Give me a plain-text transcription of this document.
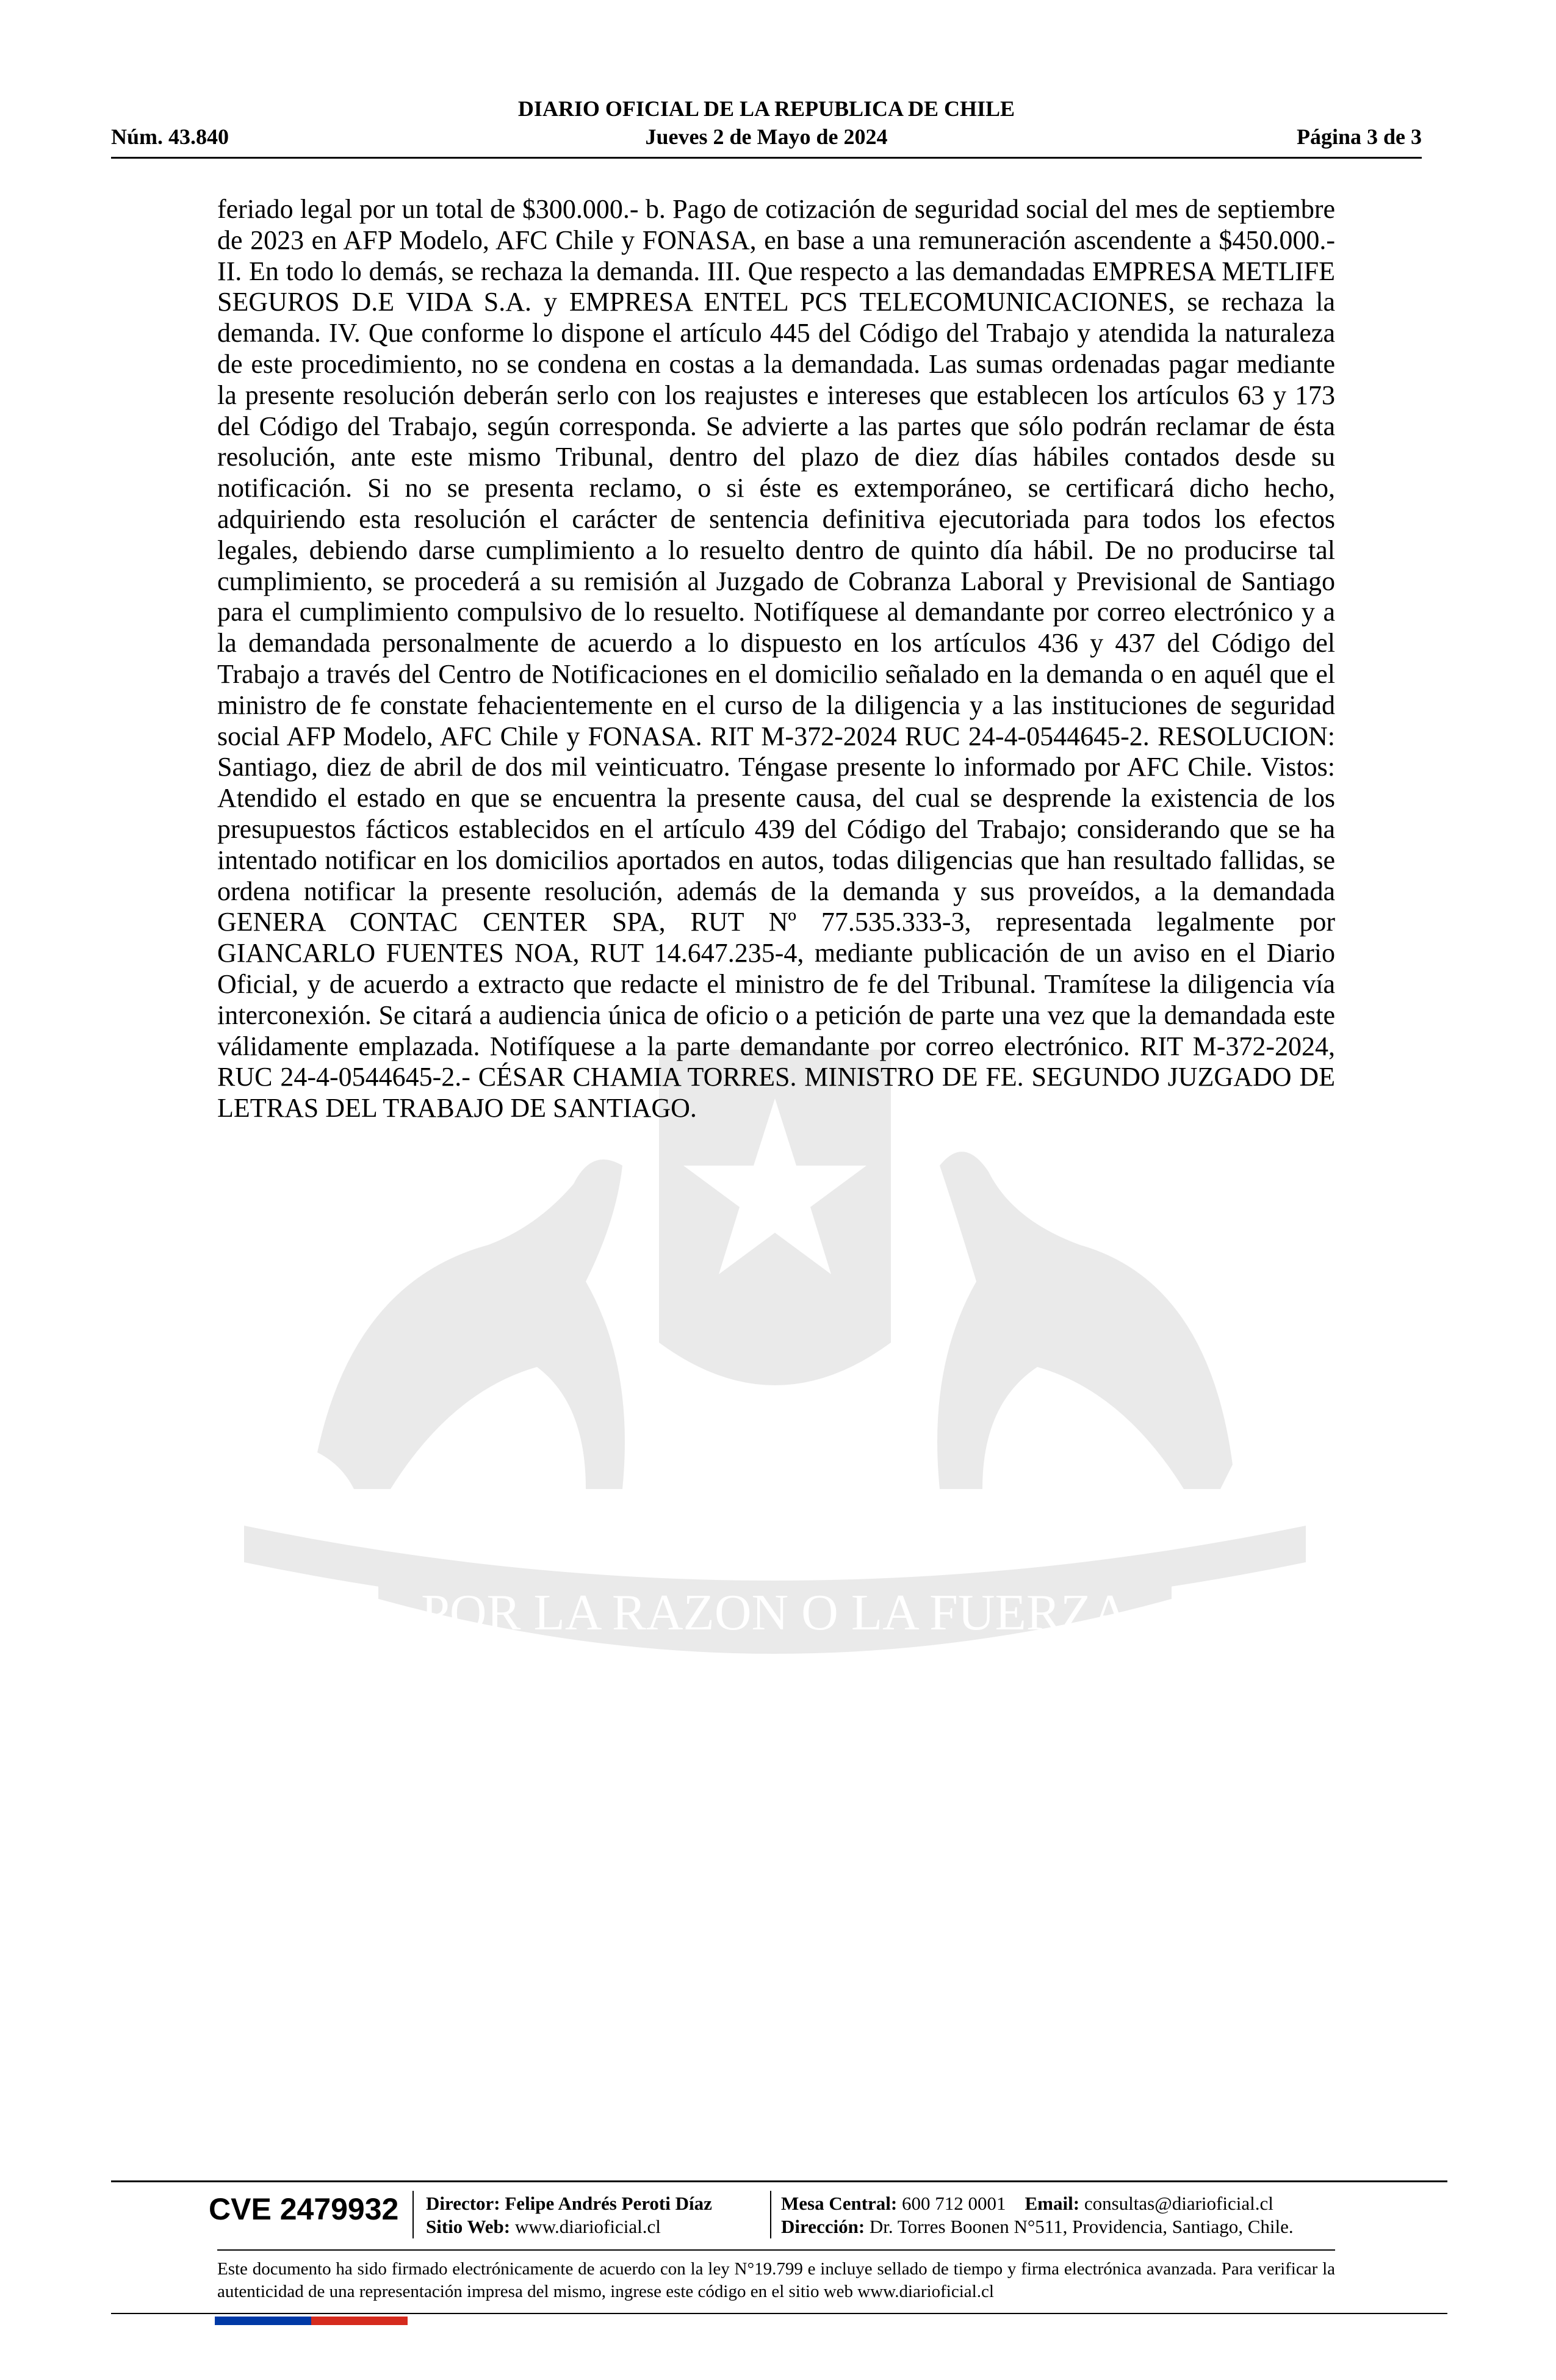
DIARIO OFICIAL DE LA REPUBLICA DE CHILE
Núm. 43.840	Jueves 2 de Mayo de 2024	Página 3 de 3
POR LA RAZON O LA FUERZA

feriado legal por un total de $300.000.- b. Pago de cotización de seguridad social del mes de septiembre de 2023 en AFP Modelo, AFC Chile y FONASA, en base a una remuneración ascendente a $450.000.- II. En todo lo demás, se rechaza la demanda. III. Que respecto a las demandadas EMPRESA METLIFE SEGUROS D.E VIDA S.A. y EMPRESA ENTEL PCS TELECOMUNICACIONES, se rechaza la demanda. IV. Que conforme lo dispone el artículo 445 del Código del Trabajo y atendida la naturaleza de este procedimiento, no se condena en costas a la demandada. Las sumas ordenadas pagar mediante la presente resolución deberán serlo con los reajustes e intereses que establecen los artículos 63 y 173 del Código del Trabajo, según corresponda. Se advierte a las partes que sólo podrán reclamar de ésta resolución, ante este mismo Tribunal, dentro del plazo de diez días hábiles contados desde su notificación. Si no se presenta reclamo, o si éste es extemporáneo, se certificará dicho hecho, adquiriendo esta resolución el carácter de sentencia definitiva ejecutoriada para todos los efectos legales, debiendo darse cumplimiento a lo resuelto dentro de quinto día hábil. De no producirse tal cumplimiento, se procederá a su remisión al Juzgado de Cobranza Laboral y Previsional de Santiago para el cumplimiento compulsivo de lo resuelto. Notifíquese al demandante por correo electrónico y a la demandada personalmente de acuerdo a lo dispuesto en los artículos 436 y 437 del Código del Trabajo a través del Centro de Notificaciones en el domicilio señalado en la demanda o en aquél que el ministro de fe constate fehacientemente en el curso de la diligencia y a las instituciones de seguridad social AFP Modelo, AFC Chile y FONASA. RIT M-372-2024 RUC 24-4-0544645-2. RESOLUCION: Santiago, diez de abril de dos mil veinticuatro. Téngase presente lo informado por AFC Chile. Vistos: Atendido el estado en que se encuentra la presente causa, del cual se desprende la existencia de los presupuestos fácticos establecidos en el artículo 439 del Código del Trabajo; considerando que se ha intentado notificar en los domicilios aportados en autos, todas diligencias que han resultado fallidas, se ordena notificar la presente resolución, además de la demanda y sus proveídos, a la demandada GENERA CONTAC CENTER SPA, RUT Nº 77.535.333-3, representada legalmente por GIANCARLO FUENTES NOA, RUT 14.647.235-4, mediante publicación de un aviso en el Diario Oficial, y de acuerdo a extracto que redacte el ministro de fe del Tribunal. Tramítese la diligencia vía interconexión. Se citará a audiencia única de oficio o a petición de parte una vez que la demandada este válidamente emplazada. Notifíquese a la parte demandante por correo electrónico. RIT M-372-2024, RUC 24-4-0544645-2.- CÉSAR CHAMIA TORRES. MINISTRO DE FE. SEGUNDO JUZGADO DE LETRAS DEL TRABAJO DE SANTIAGO.

CVE 2479932 Director: Felipe Andrés Peroti Díaz
Sitio Web: www.diarioficial.cl
Mesa Central: 600 712 0001 Email: consultas@diarioficial.cl
Dirección: Dr. Torres Boonen N°511, Providencia, Santiago, Chile.

Este documento ha sido firmado electrónicamente de acuerdo con la ley N°19.799 e incluye sellado de tiempo y firma electrónica avanzada. Para verificar la autenticidad de una representación impresa del mismo, ingrese este código en el sitio web www.diarioficial.cl
